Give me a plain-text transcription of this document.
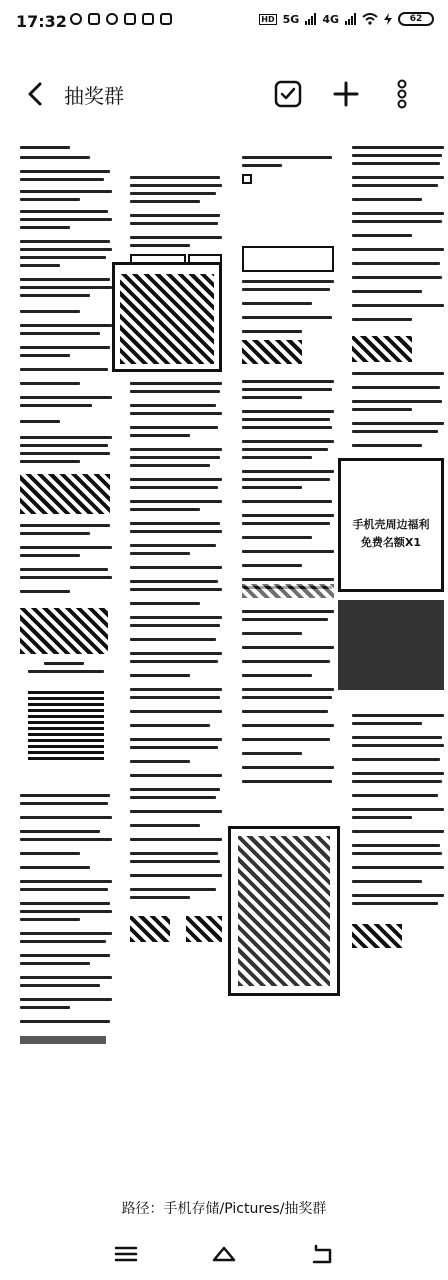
17:32	HD 5G 4G	62
抽奖群
手机壳周边福利
免费名额X1
路径：手机存储/Pictures/抽奖群
